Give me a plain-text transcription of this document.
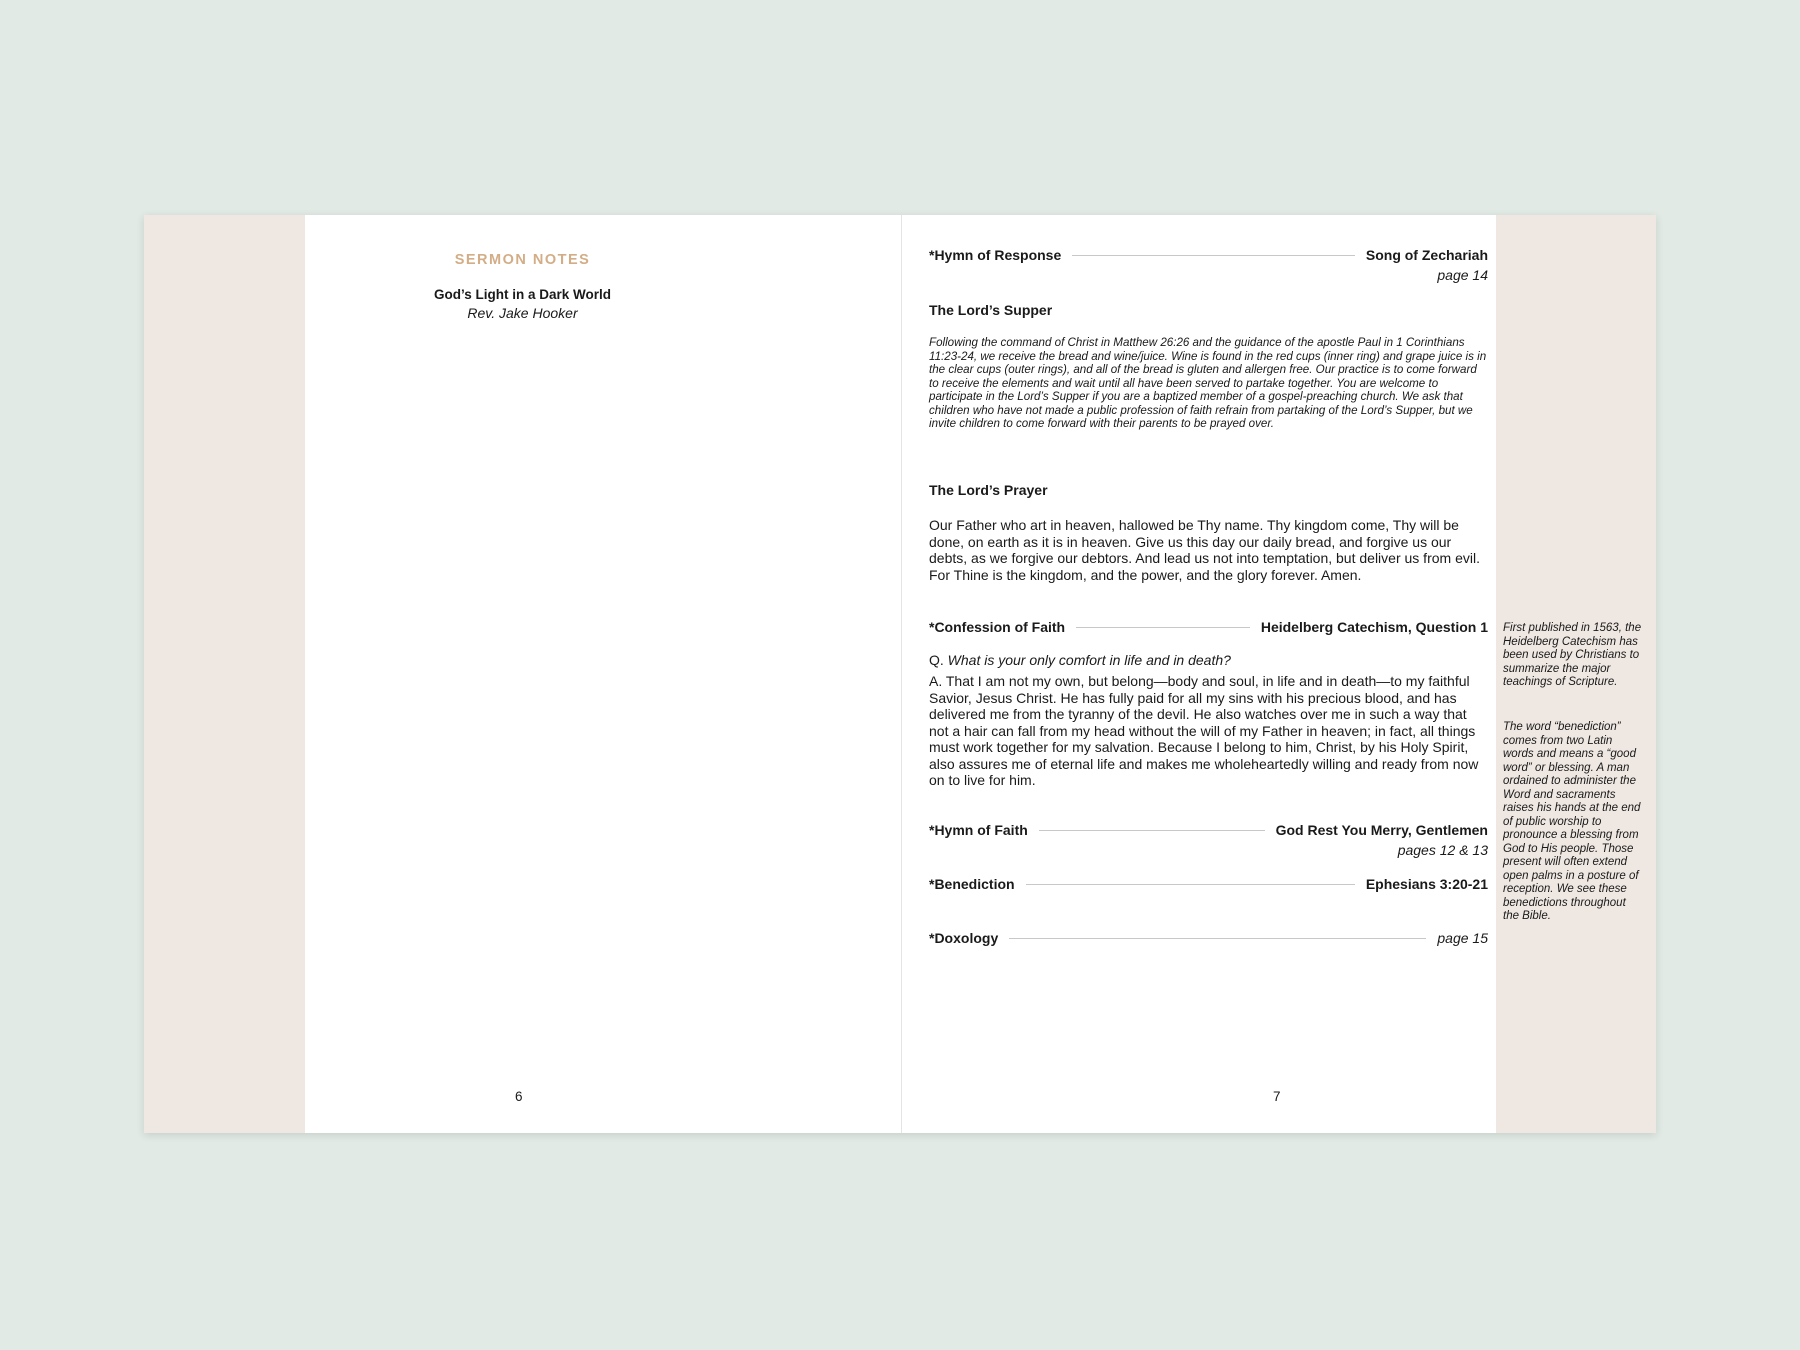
SERMON NOTES
God’s Light in a Dark World
Rev. Jake Hooker
6
*Hymn of Response	Song of Zechariah
page 14
The Lord’s Supper
Following the command of Christ in Matthew 26:26 and the guidance of the apostle Paul in 1 Corinthians 11:23-24, we receive the bread and wine/juice. Wine is found in the red cups (inner ring) and grape juice is in the clear cups (outer rings), and all of the bread is gluten and allergen free. Our practice is to come forward to receive the elements and wait until all have been served to partake together. You are welcome to participate in the Lord’s Supper if you are a baptized member of a gospel-preaching church. We ask that children who have not made a public profession of faith refrain from partaking of the Lord’s Supper, but we invite children to come forward with their parents to be prayed over.
The Lord’s Prayer
Our Father who art in heaven, hallowed be Thy name. Thy kingdom come, Thy will be done, on earth as it is in heaven. Give us this day our daily bread, and forgive us our debts, as we forgive our debtors. And lead us not into temptation, but deliver us from evil. For Thine is the kingdom, and the power, and the glory forever. Amen.
*Confession of Faith	Heidelberg Catechism, Question 1
Q. What is your only comfort in life and in death?
A. That I am not my own, but belong—body and soul, in life and in death—to my faithful Savior, Jesus Christ. He has fully paid for all my sins with his precious blood, and has delivered me from the tyranny of the devil. He also watches over me in such a way that not a hair can fall from my head without the will of my Father in heaven; in fact, all things must work together for my salvation. Because I belong to him, Christ, by his Holy Spirit, also assures me of eternal life and makes me wholeheartedly willing and ready from now on to live for him.
*Hymn of Faith	God Rest You Merry, Gentlemen
pages 12 & 13
*Benediction	Ephesians 3:20-21
*Doxology	page 15
7
First published in 1563, the Heidelberg Catechism has been used by Christians to summarize the major teachings of Scripture.
The word “benediction” comes from two Latin words and means a “good word” or blessing. A man ordained to administer the Word and sacraments raises his hands at the end of public worship to pronounce a blessing from God to His people. Those present will often extend open palms in a posture of reception. We see these benedictions throughout the Bible.
